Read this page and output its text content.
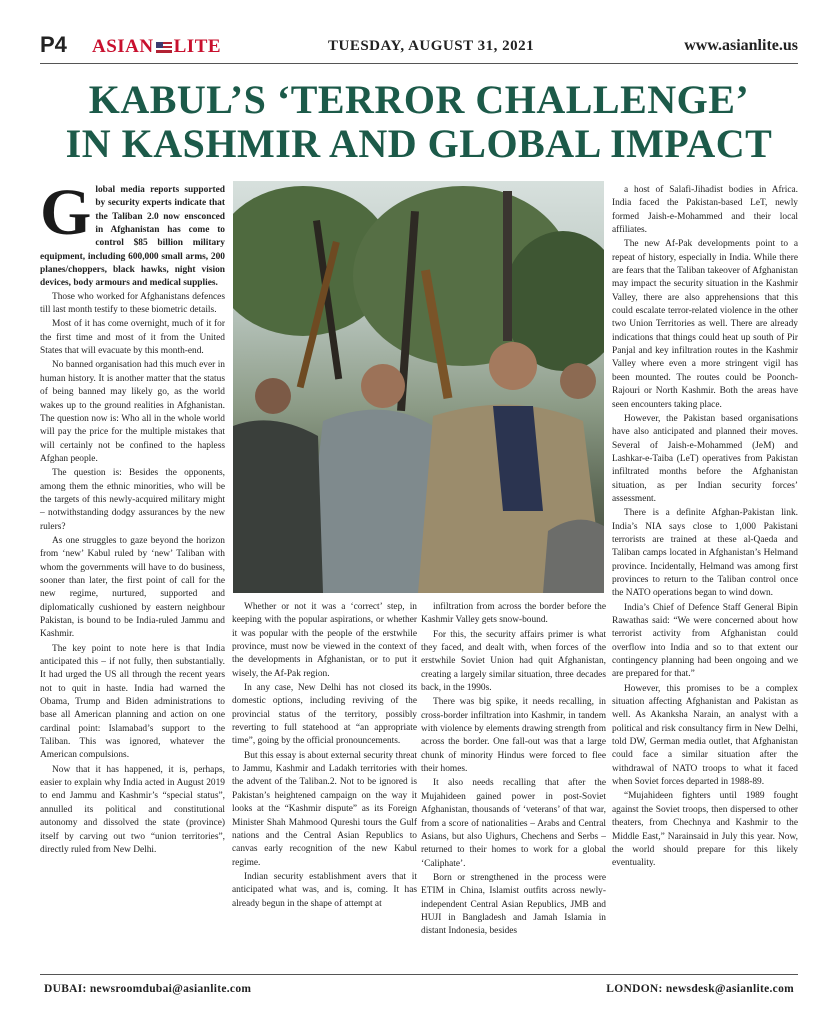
P4 ASIAN LITE	TUESDAY, AUGUST 31, 2021	www.asianlite.us
KABUL’S ‘TERROR CHALLENGE’
IN KASHMIR AND GLOBAL IMPACT

Global media reports supported by security experts indicate that the Taliban 2.0 now ensconced in Afghanistan has come to control $85 billion military equipment, including 600,000 small arms, 200 planes/choppers, black hawks, night vision devices, body armours and medical supplies.

Those who worked for Afghanistans defences till last month testify to these biometric details.

Most of it has come overnight, much of it for the first time and most of it from the United States that will evacuate by this month-end.

No banned organisation had this much ever in human history. It is another matter that the status of being banned may likely go, as the world wakes up to the ground realities in Afghanistan. The question now is: Who all in the whole world will pay the price for the multiple mistakes that will certainly not be confined to the hapless Afghan people.

The question is: Besides the opponents, among them the ethnic minorities, who will be the targets of this newly-acquired military might – notwithstanding dodgy assurances by the new rulers?

As one struggles to gaze beyond the horizon from ‘new’ Kabul ruled by ‘new’ Taliban with whom the governments will have to do business, sooner than later, the first point of call for the new regime, nurtured, supported and diplomatically cushioned by eastern neighbour Pakistan, is bound to be India-ruled Jammu and Kashmir.

The key point to note here is that India anticipated this – if not fully, then substantially. It had urged the US all through the recent years not to quit in haste. India had warned the Obama, Trump and Biden administrations to base all American planning and action on one cardinal point: Islamabad’s support to the Taliban. This was ignored, whatever the American compulsions.

Now that it has happened, it is, perhaps, easier to explain why India acted in August 2019 to end Jammu and Kashmir’s “special status”, annulled its political and constitutional autonomy and dissolved the state (province) itself by carving out two “union territories”, directly ruled from New Delhi.

Whether or not it was a ‘correct’ step, in keeping with the popular aspirations, or whether it was popular with the people of the erstwhile province, must now be viewed in the context of the developments in Afghanistan, or to put it wisely, the Af-Pak region.

In any case, New Delhi has not closed its domestic options, including reviving of the provincial status of the territory, possibly reverting to full statehood at “an appropriate time”, going by the official pronouncements.

But this essay is about external security threat to Jammu, Kashmir and Ladakh territories with the advent of the Taliban.2. Not to be ignored is Pakistan’s heightened campaign on the way it looks at the “Kashmir dispute” as its Foreign Minister Shah Mahmood Qureshi tours the Gulf nations and the Central Asian Republics to canvas early recognition of the new Kabul regime.

Indian security establishment avers that it anticipated what was, and is, coming. It has already begun in the shape of attempt at

infiltration from across the border before the Kashmir Valley gets snow-bound.

For this, the security affairs primer is what they faced, and dealt with, when forces of the erstwhile Soviet Union had quit Afghanistan, creating a largely similar situation, three decades back, in the 1990s.

There was big spike, it needs recalling, in cross-border infiltration into Kashmir, in tandem with violence by elements drawing strength from across the border. One fall-out was that a large chunk of minority Hindus were forced to flee their homes.

It also needs recalling that after the Mujahideen gained power in post-Soviet Afghanistan, thousands of ‘veterans’ of that war, from a score of nationalities – Arabs and Central Asians, but also Uighurs, Chechens and Serbs – returned to their homes to work for a global ‘Caliphate’.

Born or strengthened in the process were ETIM in China, Islamist outfits across newly-independent Central Asian Republics, JMB and HUJI in Bangladesh and Jamah Islamia in distant Indonesia, besides

a host of Salafi-Jihadist bodies in Africa. India faced the Pakistan-based LeT, newly formed Jaish-e-Mohammed and their local affiliates.

The new Af-Pak developments point to a repeat of history, especially in India. While there are fears that the Taliban takeover of Afghanistan may impact the security situation in the Kashmir Valley, there are also apprehensions that this could escalate terror-related violence in the other two Union Territories as well. There are already indications that things could heat up south of Pir Panjal and key infiltration routes in the Kashmir Valley where even a more stringent vigil has been mounted. The routes could be Poonch-Rajouri or North Kashmir. Both the areas have seen encounters taking place.

However, the Pakistan based organisations have also anticipated and planned their moves. Several of Jaish-e-Mohammed (JeM) and Lashkar-e-Taiba (LeT) operatives from Pakistan infiltrated months before the Afghanistan situation, as per Indian security forces’ assessment.

There is a definite Afghan-Pakistan link. India’s NIA says close to 1,000 Pakistani terrorists are trained at these al-Qaeda and Taliban camps located in Afghanistan’s Helmand province. Incidentally, Helmand was among first provinces to return to the Taliban control once the NATO operations began to wind down.

India’s Chief of Defence Staff General Bipin Rawathas said: “We were concerned about how terrorist activity from Afghanistan could overflow into India and so to that extent our contingency planning had been ongoing and we are prepared for that.”

However, this promises to be a complex situation affecting Afghanistan and Pakistan as well. As Akanksha Narain, an analyst with a political and risk consultancy firm in New Delhi, told DW, German media outlet, that Afghanistan could face a similar situation after the withdrawal of NATO troops to what it faced when Soviet forces departed in 1988-89.

“Mujahideen fighters until 1989 fought against the Soviet troops, then dispersed to other theaters, from Chechnya and Kashmir to the Middle East,” Narainsaid in July this year. Now, the world should prepare for this likely eventuality.

DUBAI: newsroomdubai@asianlite.com	LONDON: newsdesk@asianlite.com
